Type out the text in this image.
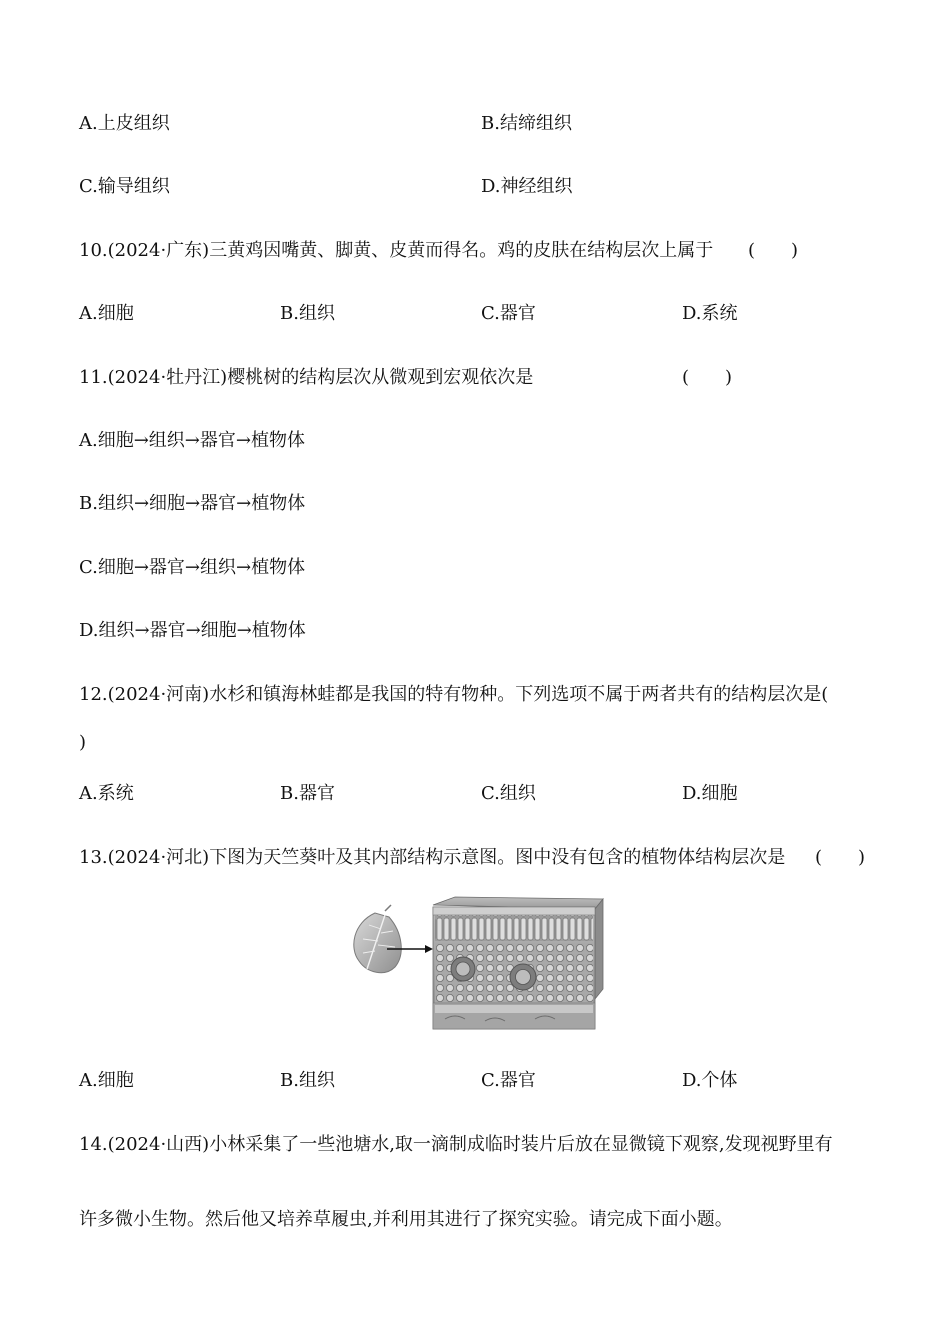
A.上皮组织	B.结缔组织
C.输导组织	D.神经组织
10.(2024·广东)三黄鸡因嘴黄、脚黄、皮黄而得名。鸡的皮肤在结构层次上属于 (　　)
A.细胞	B.组织	C.器官	D.系统
11.(2024·牡丹江)樱桃树的结构层次从微观到宏观依次是	(　　)
A.细胞→组织→器官→植物体
B.组织→细胞→器官→植物体
C.细胞→器官→组织→植物体
D.组织→器官→细胞→植物体
12.(2024·河南)水杉和镇海林蛙都是我国的特有物种。下列选项不属于两者共有的结构层次是(
)
A.系统	B.器官	C.组织	D.细胞
13.(2024·河北)下图为天竺葵叶及其内部结构示意图。图中没有包含的植物体结构层次是 (　　)
A.细胞	B.组织	C.器官	D.个体
14.(2024·山西)小林采集了一些池塘水,取一滴制成临时装片后放在显微镜下观察,发现视野里有
许多微小生物。然后他又培养草履虫,并利用其进行了探究实验。请完成下面小题。
